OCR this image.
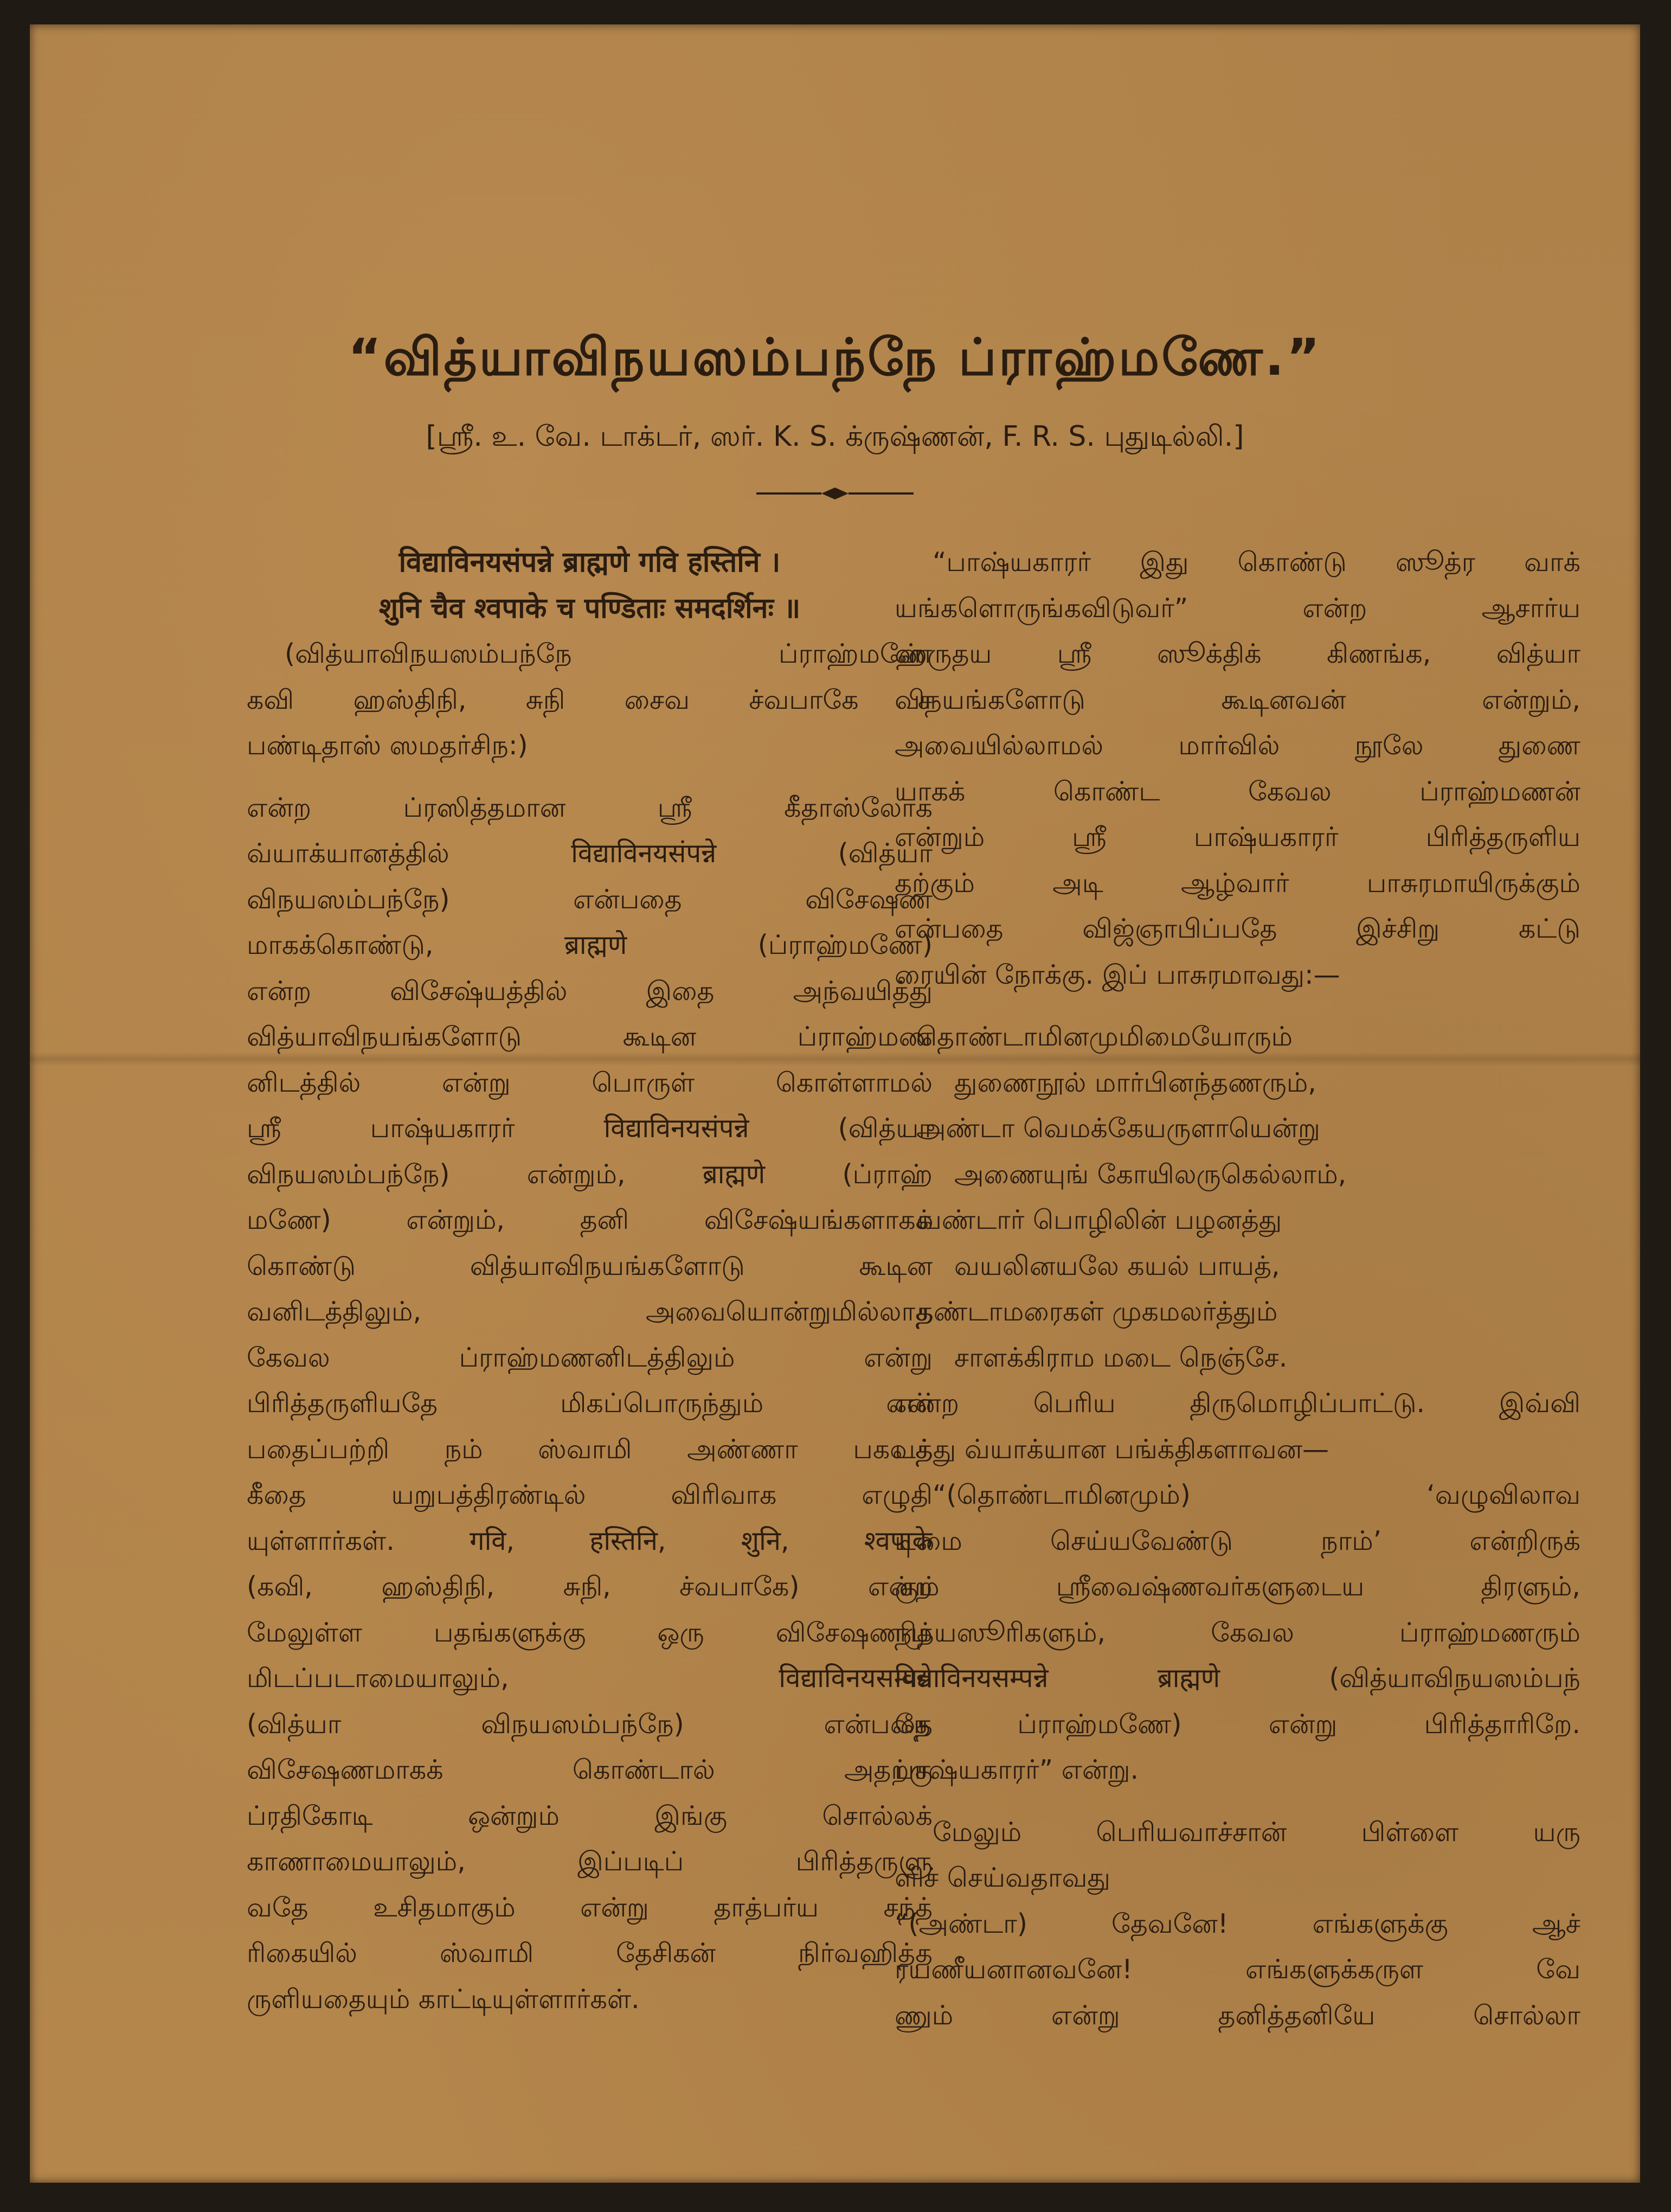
“வித்யாவிநயஸம்பந்நே ப்ராஹ்மணே.”
[ஸ்ரீ. உ. வே. டாக்டர், ஸர். K. S. க்ருஷ்ணன், F. R. S. புதுடில்லி.]
विद्याविनयसंपन्ने ब्राह्मणे गवि हस्तिनि ।
शुनि चैव श्वपाके च पण्डिताः समदर्शिनः ॥
(வித்யாவிநயஸம்பந்நே ப்ராஹ்மணே
கவி ஹஸ்திநி, சுநி சைவ ச்வபாகே ச
பண்டிதாஸ் ஸமதர்சிந:)
என்ற ப்ரஸித்தமான ஸ்ரீ கீதாஸ்லோக
வ்யாக்யானத்தில் विद्याविनयसंपन्ने (வித்யா
விநயஸம்பந்நே) என்பதை விசேஷண
மாகக்கொண்டு, ब्राह्मणे (ப்ராஹ்மணே)
என்ற விசேஷ்யத்தில் இதை அந்வயித்து
வித்யாவிநயங்களோடு கூடின ப்ராஹ்மண
னிடத்தில் என்று பொருள் கொள்ளாமல்
ஸ்ரீ பாஷ்யகாரர் विद्याविनयसंपन्ने (வித்யா
விநயஸம்பந்நே) என்றும், ब्राह्मणे (ப்ராஹ்
மணே) என்றும், தனி விசேஷ்யங்களாகக்
கொண்டு வித்யாவிநயங்களோடு கூடின
வனிடத்திலும், அவையொன்றுமில்லாத
கேவல ப்ராஹ்மணனிடத்திலும் என்று
பிரித்தருளியதே மிகப்பொருந்தும் என்
பதைப்பற்றி நம் ஸ்வாமி அண்ணா பகவத்
கீதை யறுபத்திரண்டில் விரிவாக எழுதி
யுள்ளார்கள். गवि, हस्तिनि, शुनि, श्वपाके
(கவி, ஹஸ்திநி, சுநி, ச்வபாகே) என்ற
மேலுள்ள பதங்களுக்கு ஒரு விசேஷணமு
மிடப்படாமையாலும், विद्याविनयसम्पन्ने
(வித்யா விநயஸம்பந்நே) என்பதை
விசேஷணமாகக் கொண்டால் அதற்கு
ப்ரதிகோடி ஒன்றும் இங்கு சொல்லக்
காணாமையாலும், இப்படிப் பிரித்தருளு
வதே உசிதமாகும் என்று தாத்பர்ய சந்த்
ரிகையில் ஸ்வாமி தேசிகன் நிர்வஹித்த
ருளியதையும் காட்டியுள்ளார்கள்.
“பாஷ்யகாரர் இது கொண்டு ஸூத்ர வாக்
யங்களொருங்கவிடுவர்” என்ற ஆசார்ய
ஹ்ருதய ஸ்ரீ ஸூக்திக் கிணங்க, வித்யா
விநயங்களோடு கூடினவன் என்றும்,
அவையில்லாமல் மார்வில் நூலே துணை
யாகக் கொண்ட கேவல ப்ராஹ்மணன்
என்றும் ஸ்ரீ பாஷ்யகாரர் பிரித்தருளிய
தற்கும் அடி ஆழ்வார் பாசுரமாயிருக்கும்
என்பதை விஜ்ஞாபிப்பதே இச்சிறு கட்டு
ரையின் நோக்கு. இப் பாசுரமாவது:—
தொண்டாமினமுமிமையோரும்
துணைநூல் மார்பினந்தணரும்,
அண்டா வெமக்கேயருளாயென்று
அணையுங் கோயிலருகெல்லாம்,
வண்டார் பொழிலின் பழனத்து
வயலினயலே கயல் பாயத்,
தண்டாமரைகள் முகமலர்த்தும்
சாளக்கிராம மடை நெஞ்சே.
என்ற பெரிய திருமொழிப்பாட்டு. இவ்வி
டத்து வ்யாக்யான பங்க்திகளாவன—
“(தொண்டாமினமும்) ‘வழுவிலாவ
டிமை செய்யவேண்டு நாம்’ என்றிருக்
கும் ஸ்ரீவைஷ்ணவர்களுடைய திரளும்,
நித்யஸூரிகளும், கேவல ப்ராஹ்மணரும்
विद्याविनयसम्पन्ने ब्राह्मणे (வித்யாவிநயஸம்பந்
நே ப்ராஹ்மணே) என்று பிரித்தாரிறே.
பாஷ்யகாரர்” என்று.
மேலும் பெரியவாச்சான் பிள்ளை யரு
ளிச் செய்வதாவது
“(அண்டா) தேவனே! எங்களுக்கு ஆச்
ரயணீயனானவனே! எங்களுக்கருள வே
ணும் என்று தனித்தனியே சொல்லா
